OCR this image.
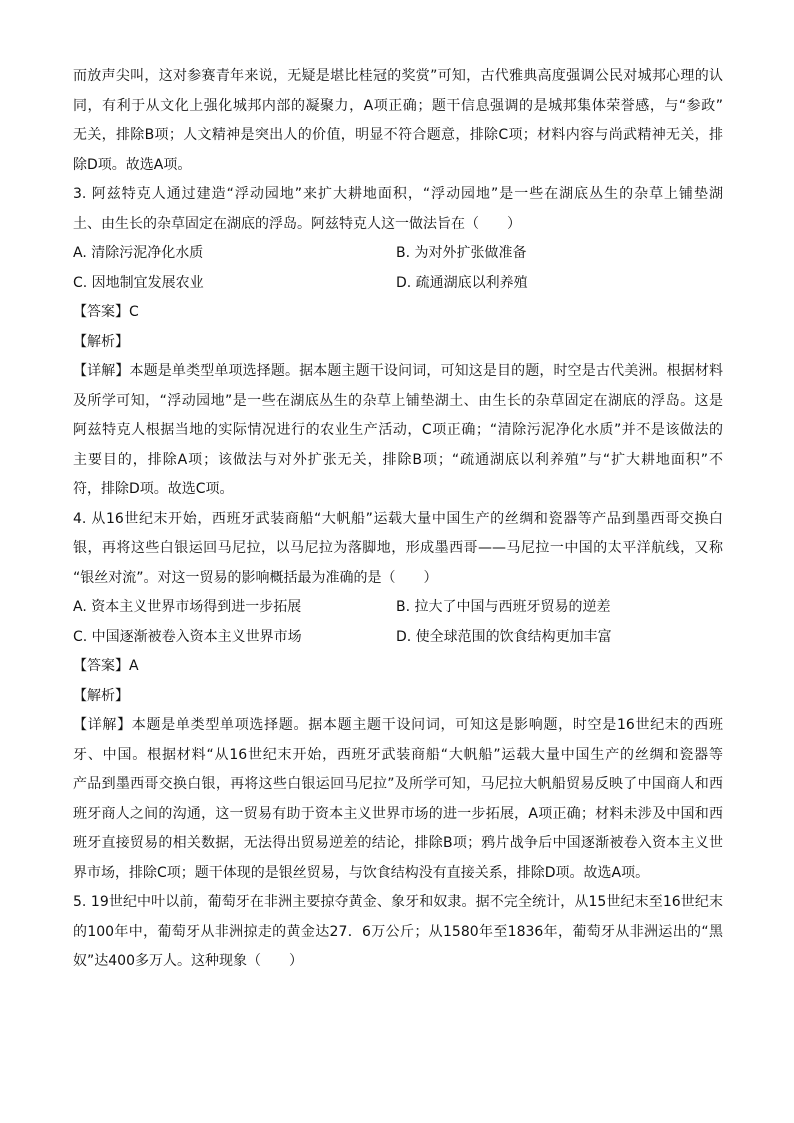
而放声尖叫，这对参赛青年来说，无疑是堪比桂冠的奖赏”可知，古代雅典高度强调公民对城邦心理的认
同，有利于从文化上强化城邦内部的凝聚力，A项正确；题干信息强调的是城邦集体荣誉感，与“参政”
无关，排除B项；人文精神是突出人的价值，明显不符合题意，排除C项；材料内容与尚武精神无关，排
除D项。故选A项。
3. 阿兹特克人通过建造“浮动园地”来扩大耕地面积，“浮动园地”是一些在湖底丛生的杂草上铺垫湖
土、由生长的杂草固定在湖底的浮岛。阿兹特克人这一做法旨在（　　）
A. 清除污泥净化水质	B. 为对外扩张做准备
C. 因地制宜发展农业	D. 疏通湖底以利养殖
【答案】C
【解析】
【详解】本题是单类型单项选择题。据本题主题干设问词，可知这是目的题，时空是古代美洲。根据材料
及所学可知，“浮动园地”是一些在湖底丛生的杂草上铺垫湖土、由生长的杂草固定在湖底的浮岛。这是
阿兹特克人根据当地的实际情况进行的农业生产活动，C项正确；“清除污泥净化水质”并不是该做法的
主要目的，排除A项；该做法与对外扩张无关，排除B项；“疏通湖底以利养殖”与“扩大耕地面积”不
符，排除D项。故选C项。
4. 从16世纪末开始，西班牙武装商船“大帆船”运载大量中国生产的丝绸和瓷器等产品到墨西哥交换白
银，再将这些白银运回马尼拉，以马尼拉为落脚地，形成墨西哥——马尼拉一中国的太平洋航线，又称
“银丝对流”。对这一贸易的影响概括最为准确的是（　　）
A. 资本主义世界市场得到进一步拓展	B. 拉大了中国与西班牙贸易的逆差
C. 中国逐渐被卷入资本主义世界市场	D. 使全球范围的饮食结构更加丰富
【答案】A
【解析】
【详解】本题是单类型单项选择题。据本题主题干设问词，可知这是影响题，时空是16世纪末的西班
牙、中国。根据材料“从16世纪末开始，西班牙武装商船“大帆船”运载大量中国生产的丝绸和瓷器等
产品到墨西哥交换白银，再将这些白银运回马尼拉”及所学可知，马尼拉大帆船贸易反映了中国商人和西
班牙商人之间的沟通，这一贸易有助于资本主义世界市场的进一步拓展，A项正确；材料未涉及中国和西
班牙直接贸易的相关数据，无法得出贸易逆差的结论，排除B项；鸦片战争后中国逐渐被卷入资本主义世
界市场，排除C项；题干体现的是银丝贸易，与饮食结构没有直接关系，排除D项。故选A项。
5. 19世纪中叶以前，葡萄牙在非洲主要掠夺黄金、象牙和奴隶。据不完全统计，从15世纪末至16世纪末
的100年中，葡萄牙从非洲掠走的黄金达27．6万公斤；从1580年至1836年，葡萄牙从非洲运出的“黑
奴”达400多万人。这种现象（　　）
